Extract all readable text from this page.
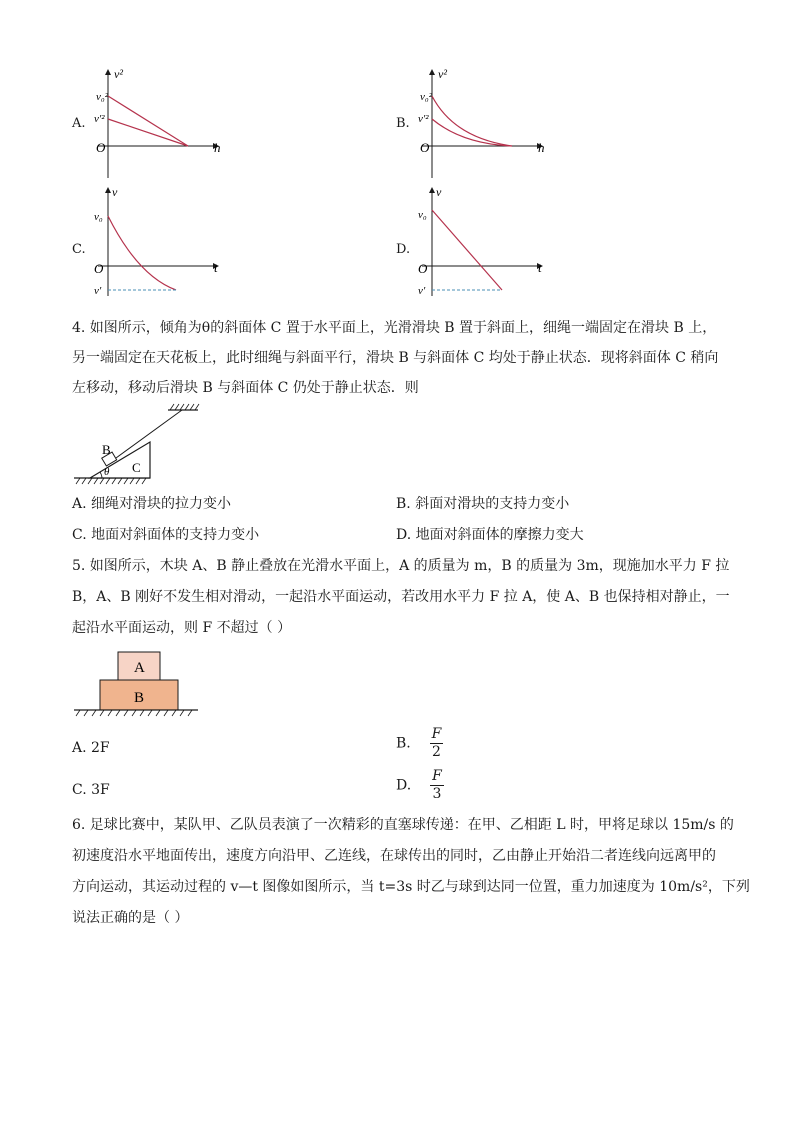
A.
v²
v₀²
v′²
O	h
B.
v²
v₀²
v′²
O	h
C.
v
v₀
v′
O	t
D.
v
v₀
v′
O	t
4. 如图所示，倾角为θ的斜面体 C 置于水平面上，光滑滑块 B 置于斜面上，细绳一端固定在滑块 B 上，
另一端固定在天花板上，此时细绳与斜面平行，滑块 B 与斜面体 C 均处于静止状态．现将斜面体 C 稍向
左移动，移动后滑块 B 与斜面体 C 仍处于静止状态．则
B
C
θ
A. 细绳对滑块的拉力变小	B. 斜面对滑块的支持力变小
C. 地面对斜面体的支持力变小	D. 地面对斜面体的摩擦力变大
5. 如图所示，木块 A、B 静止叠放在光滑水平面上，A 的质量为 m，B 的质量为 3m，现施加水平力 F 拉
B，A、B 刚好不发生相对滑动，一起沿水平面运动，若改用水平力 F 拉 A，使 A、B 也保持相对静止，一
起沿水平面运动，则 F 不超过（ ）
A
B
A. 2F	B. $\frac{F}{2}$
C. 3F	D. $\frac{F}{3}$
6. 足球比赛中，某队甲、乙队员表演了一次精彩的直塞球传递：在甲、乙相距 L 时，甲将足球以 15m/s 的
初速度沿水平地面传出，速度方向沿甲、乙连线，在球传出的同时，乙由静止开始沿二者连线向远离甲的
方向运动，其运动过程的 v—t 图像如图所示，当 t=3s 时乙与球到达同一位置，重力加速度为 10m/s²，下列
说法正确的是（ ）
